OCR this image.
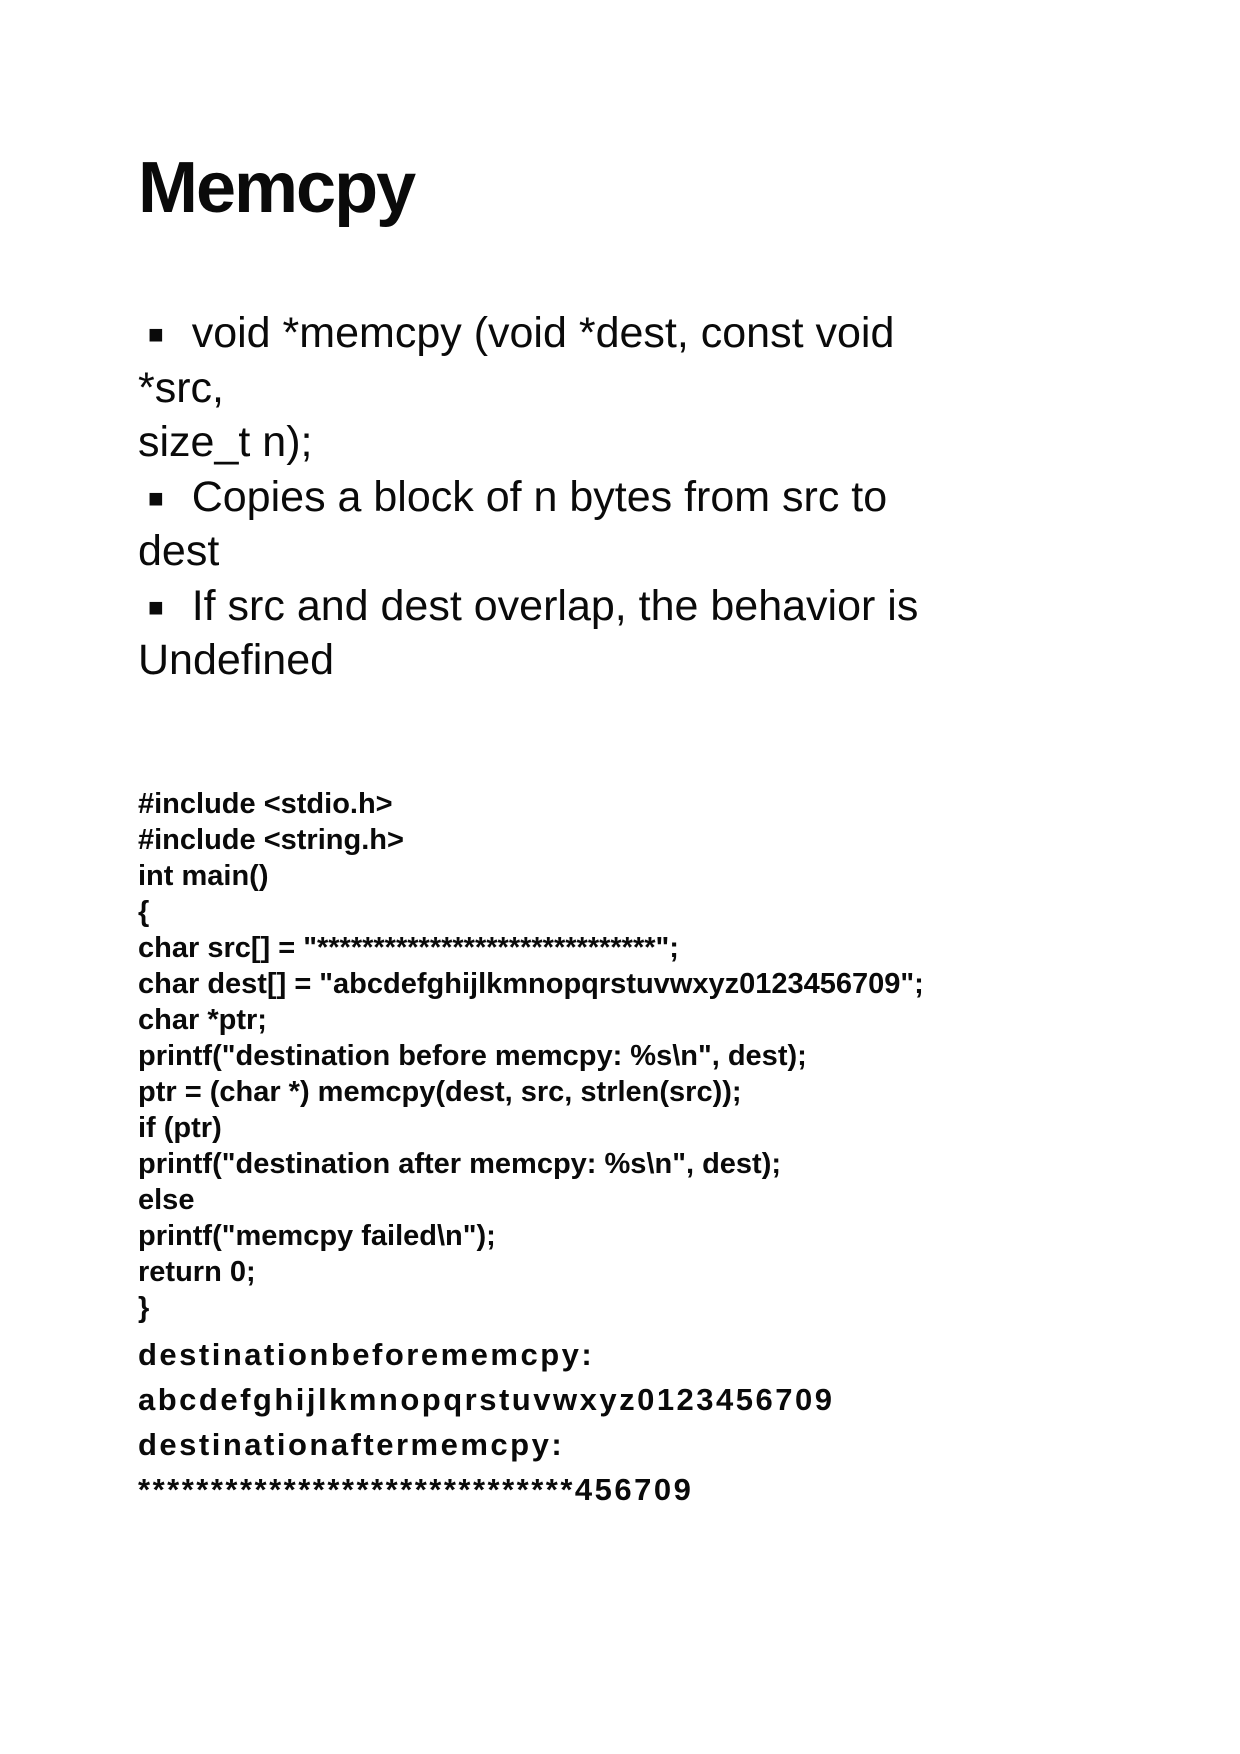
Memcpy
■ void *memcpy (void *dest, const void
*src,
size_t n);
■ Copies a block of n bytes from src to
dest
■ If src and dest overlap, the behavior is
Undefined
#include <stdio.h>
#include <string.h>
int main()
{
char src[] = "******************************";
char dest[] = "abcdefghijlkmnopqrstuvwxyz0123456709";
char *ptr;
printf("destination before memcpy: %s\n", dest);
ptr = (char *) memcpy(dest, src, strlen(src));
if (ptr)
printf("destination after memcpy: %s\n", dest);
else
printf("memcpy failed\n");
return 0;
}
destinationbeforememcpy:
abcdefghijlkmnopqrstuvwxyz0123456709
destinationaftermemcpy:
******************************456709
